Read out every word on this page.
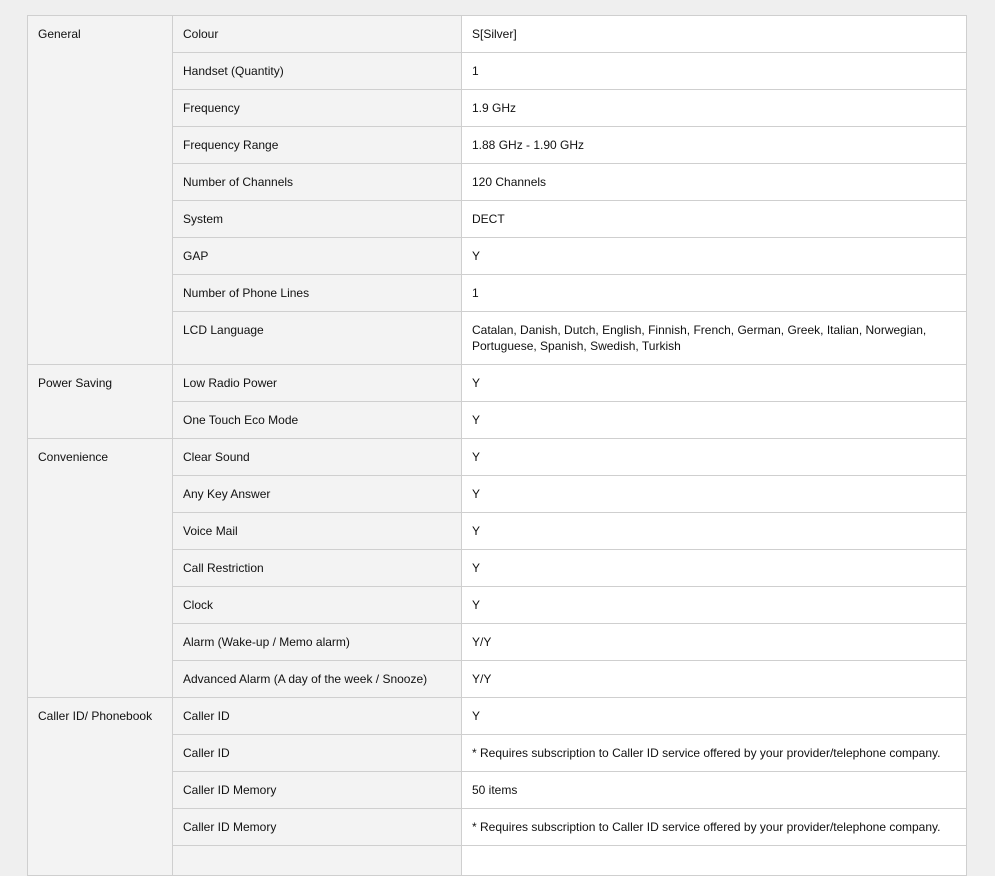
General	Colour	S[Silver]

	Handset (Quantity)	1

	Frequency	1.9 GHz

	Frequency Range	1.88 GHz - 1.90 GHz

	Number of Channels	120 Channels

	System	DECT

	GAP	Y

	Number of Phone Lines	1

	LCD Language	Catalan, Danish, Dutch, English, Finnish, French, German, Greek, Italian, Norwegian, Portuguese, Spanish, Swedish, Turkish

Power Saving	Low Radio Power	Y

	One Touch Eco Mode	Y

Convenience	Clear Sound	Y

	Any Key Answer	Y

	Voice Mail	Y

	Call Restriction	Y

	Clock	Y

	Alarm (Wake-up / Memo alarm)	Y/Y

	Advanced Alarm (A day of the week / Snooze)	Y/Y

Caller ID/ Phonebook	Caller ID	Y

	Caller ID	* Requires subscription to Caller ID service offered by your provider/telephone company.

	Caller ID Memory	50 items

	Caller ID Memory	* Requires subscription to Caller ID service offered by your provider/telephone company.
